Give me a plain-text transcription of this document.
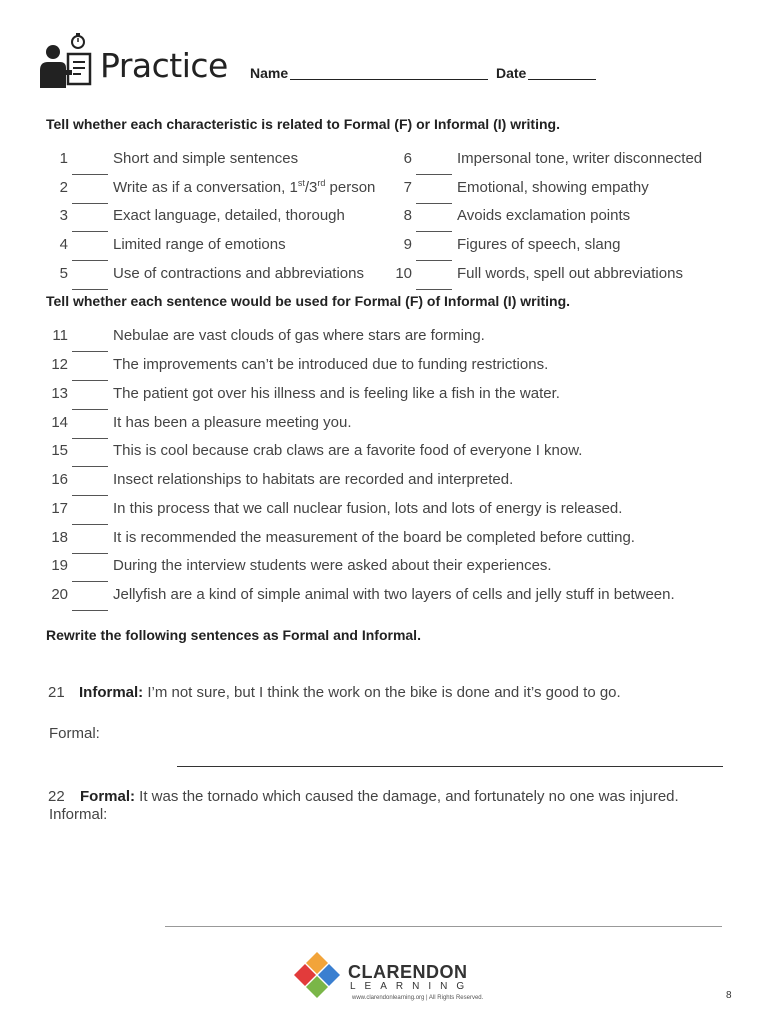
Practice Name	Date
Tell whether each characteristic is related to Formal (F) or Informal (I) writing.
1	Short and simple sentences
2	Write as if a conversation, 1st/3rd person
3	Exact language, detailed, thorough
4	Limited range of emotions
5	Use of contractions and abbreviations
6	Impersonal tone, writer disconnected
7	Emotional, showing empathy
8	Avoids exclamation points
9	Figures of speech, slang
10	Full words, spell out abbreviations
Tell whether each sentence would be used for Formal (F) of Informal (I) writing.
11	Nebulae are vast clouds of gas where stars are forming.
12	The improvements can’t be introduced due to funding restrictions.
13	The patient got over his illness and is feeling like a fish in the water.
14	It has been a pleasure meeting you.
15	This is cool because crab claws are a favorite food of everyone I know.
16	Insect relationships to habitats are recorded and interpreted.
17	In this process that we call nuclear fusion, lots and lots of energy is released.
18	It is recommended the measurement of the board be completed before cutting.
19	During the interview students were asked about their experiences.
20	Jellyfish are a kind of simple animal with two layers of cells and jelly stuff in between.
Rewrite the following sentences as Formal and Informal.
21 Informal: I’m not sure, but I think the work on the bike is done and it’s good to go.
Formal:
22 Formal: It was the tornado which caused the damage, and fortunately no one was injured.
Informal:
CLARENDON
LEARNING
www.clarendonlearning.org | All Rights Reserved.	8
